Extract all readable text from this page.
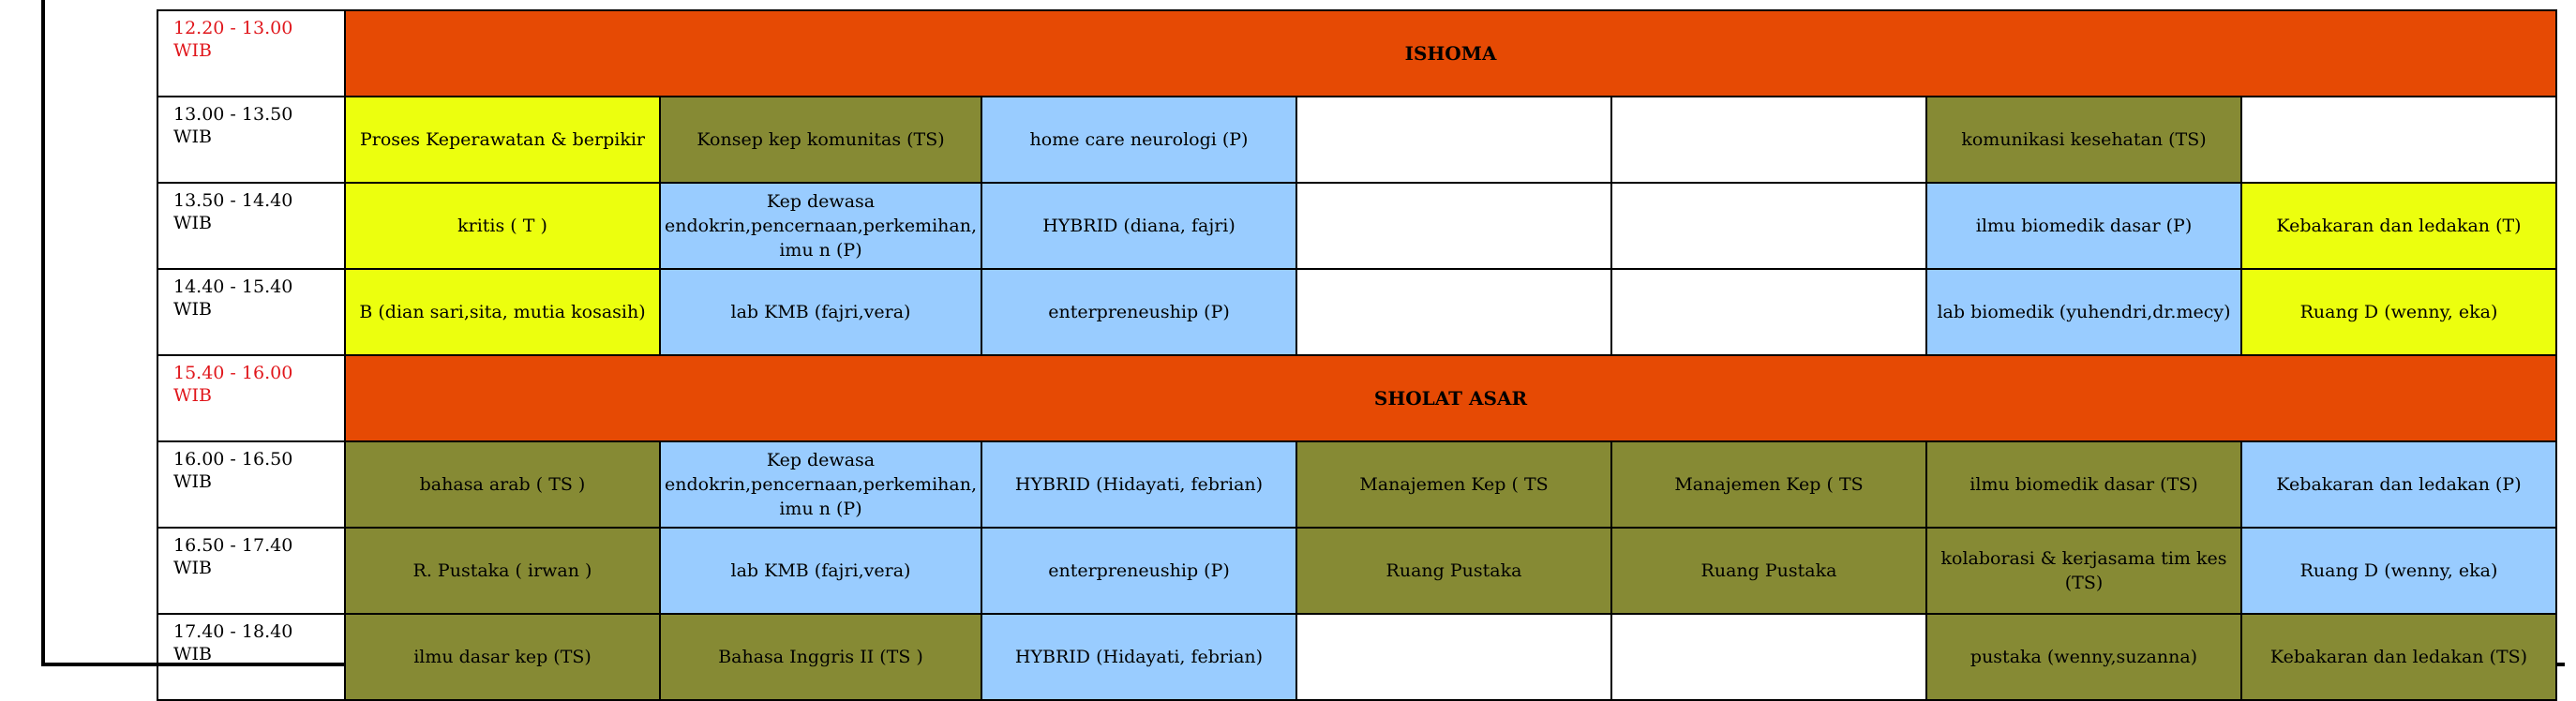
12.20 - 13.00 WIB	ISHOMA						
13.00 - 13.50 WIB	Proses Keperawatan & berpikir	Konsep kep komunitas (TS)	home care neurologi (P)			komunikasi kesehatan (TS)	
13.50 - 14.40 WIB	kritis ( T )	Kep dewasa endokrin,pencernaan,perkemihan, imu n (P)	HYBRID (diana, fajri)			ilmu biomedik dasar (P)	Kebakaran dan ledakan (T)
14.40 - 15.40 WIB	B (dian sari,sita, mutia kosasih)	lab KMB (fajri,vera)	enterpreneuship (P)			lab biomedik (yuhendri,dr.mecy)	Ruang D (wenny, eka)
15.40 - 16.00 WIB	SHOLAT ASAR						
16.00 - 16.50 WIB	bahasa arab ( TS )	Kep dewasa endokrin,pencernaan,perkemihan, imu n (P)	HYBRID (Hidayati, febrian)	Manajemen Kep ( TS	Manajemen Kep ( TS	ilmu biomedik dasar (TS)	Kebakaran dan ledakan (P)
16.50 - 17.40 WIB	R. Pustaka ( irwan )	lab KMB (fajri,vera)	enterpreneuship (P)	Ruang Pustaka	Ruang Pustaka	kolaborasi & kerjasama tim kes (TS)	Ruang D (wenny, eka)
17.40 - 18.40 WIB	ilmu dasar kep (TS)	Bahasa Inggris II (TS )	HYBRID (Hidayati, febrian)			pustaka (wenny,suzanna)	Kebakaran dan ledakan (TS)
